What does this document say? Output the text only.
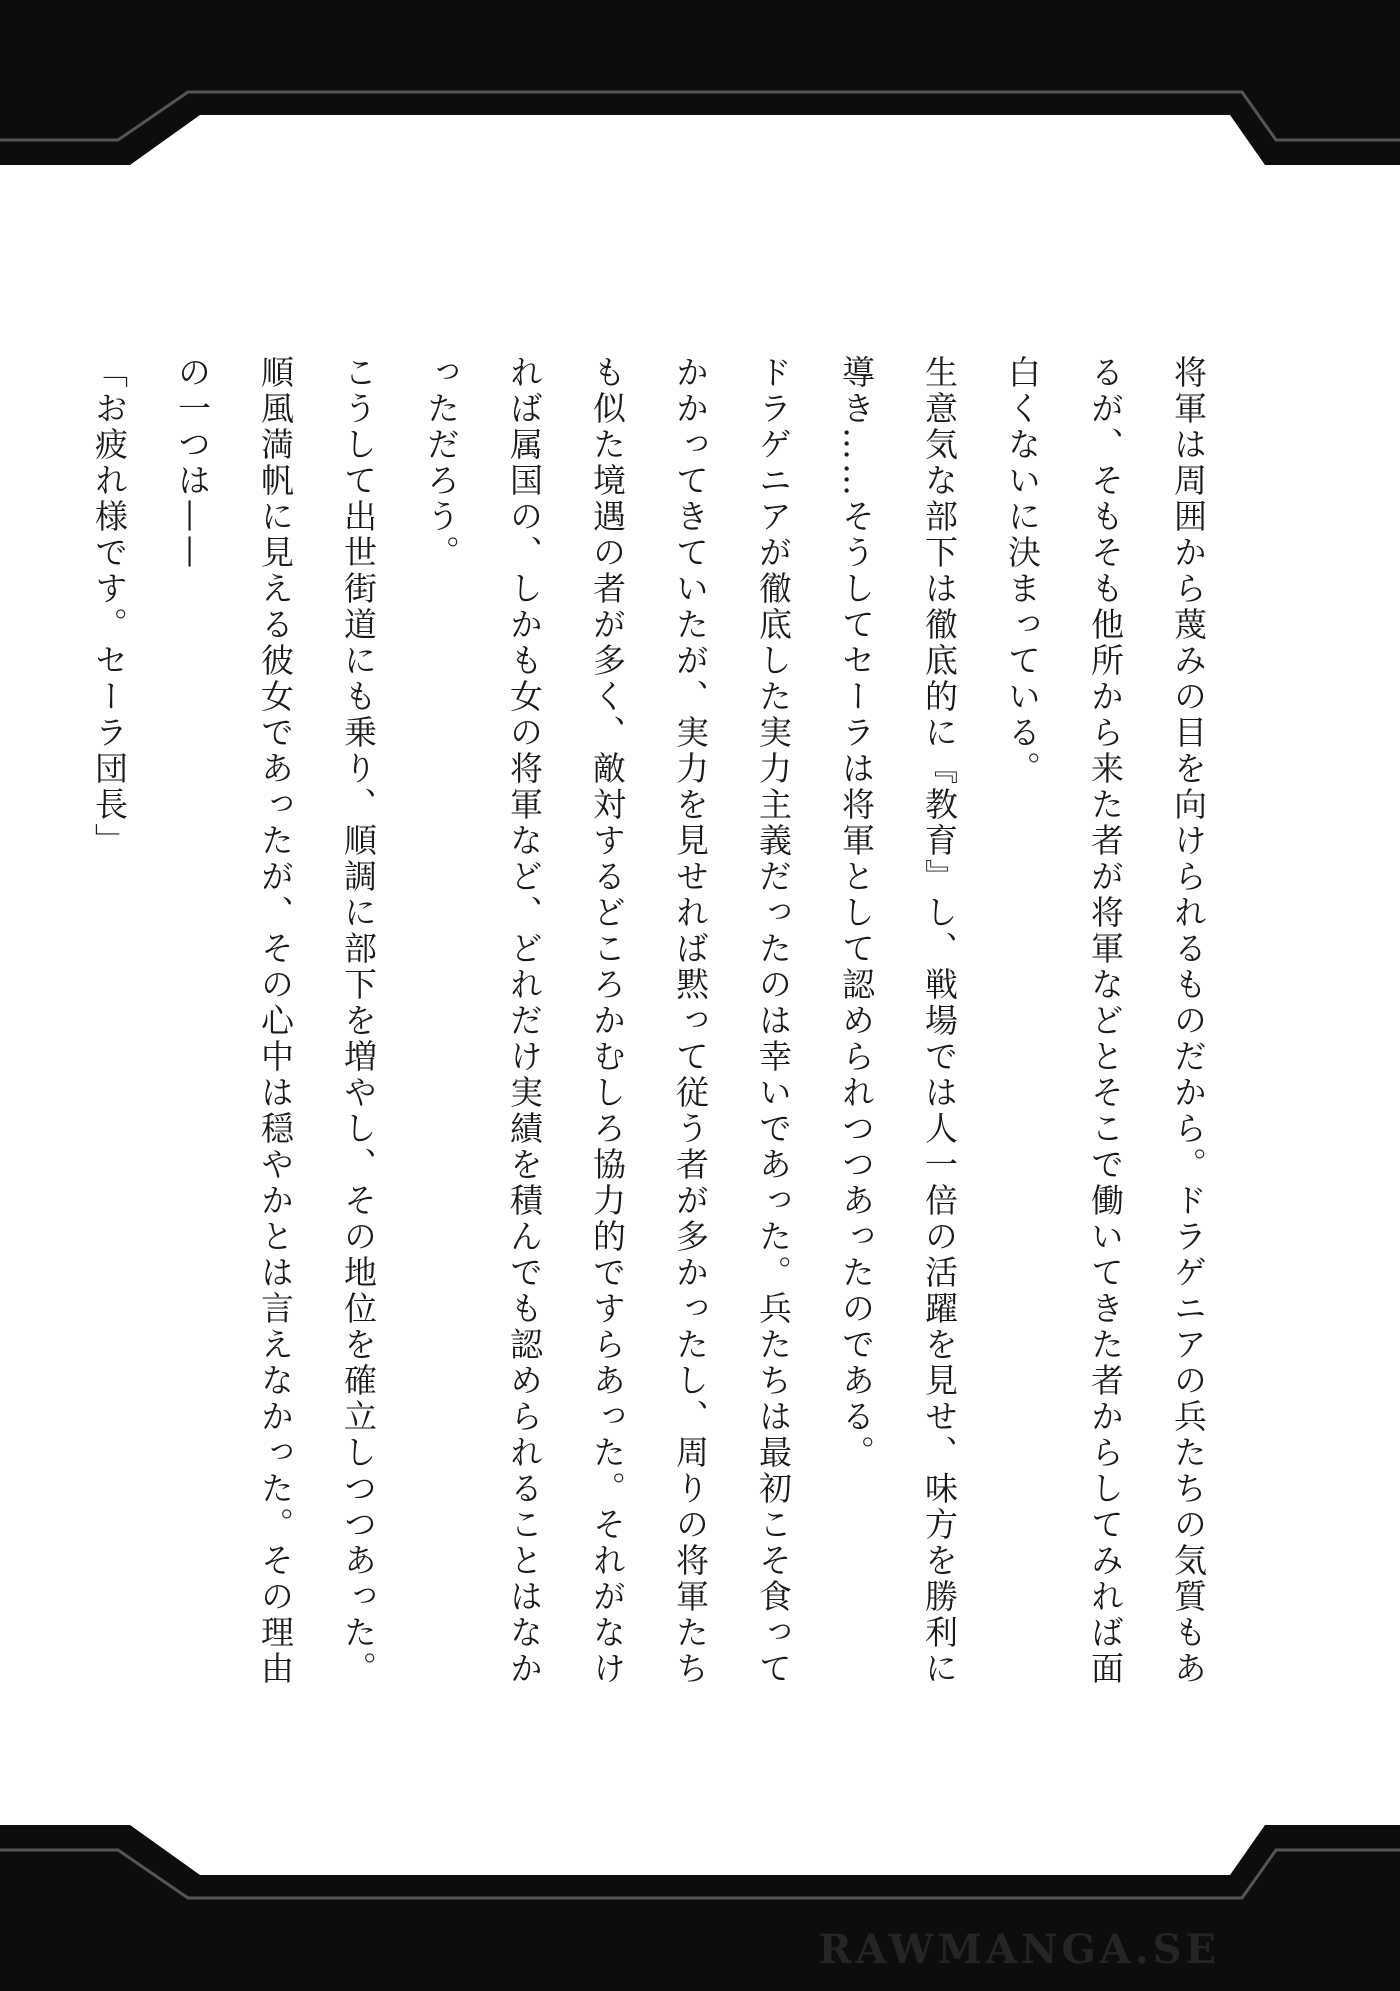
将軍は周囲から蔑みの目を向けられるものだから。ドラゲニアの兵たちの気質もあるが、そもそも他所から来た者が将軍などとそこで働いてきた者からしてみれば面白くないに決まっている。

生意気な部下は徹底的に『教育』し、戦場では人一倍の活躍を見せ、味方を勝利に導き……そうしてセーラは将軍として認められつつあったのである。

ドラゲニアが徹底した実力主義だったのは幸いであった。兵たちは最初こそ食ってかかってきていたが、実力を見せれば黙って従う者が多かったし、周りの将軍たちも似た境遇の者が多く、敵対するどころかむしろ協力的ですらあった。それがなければ属国の、しかも女の将軍など、どれだけ実績を積んでも認められることはなかっただろう。

こうして出世街道にも乗り、順調に部下を増やし、その地位を確立しつつあった。

順風満帆に見える彼女であったが、その心中は穏やかとは言えなかった。その理由の一つは——

「お疲れ様です。セーラ団長」

RAWMANGA.SE
